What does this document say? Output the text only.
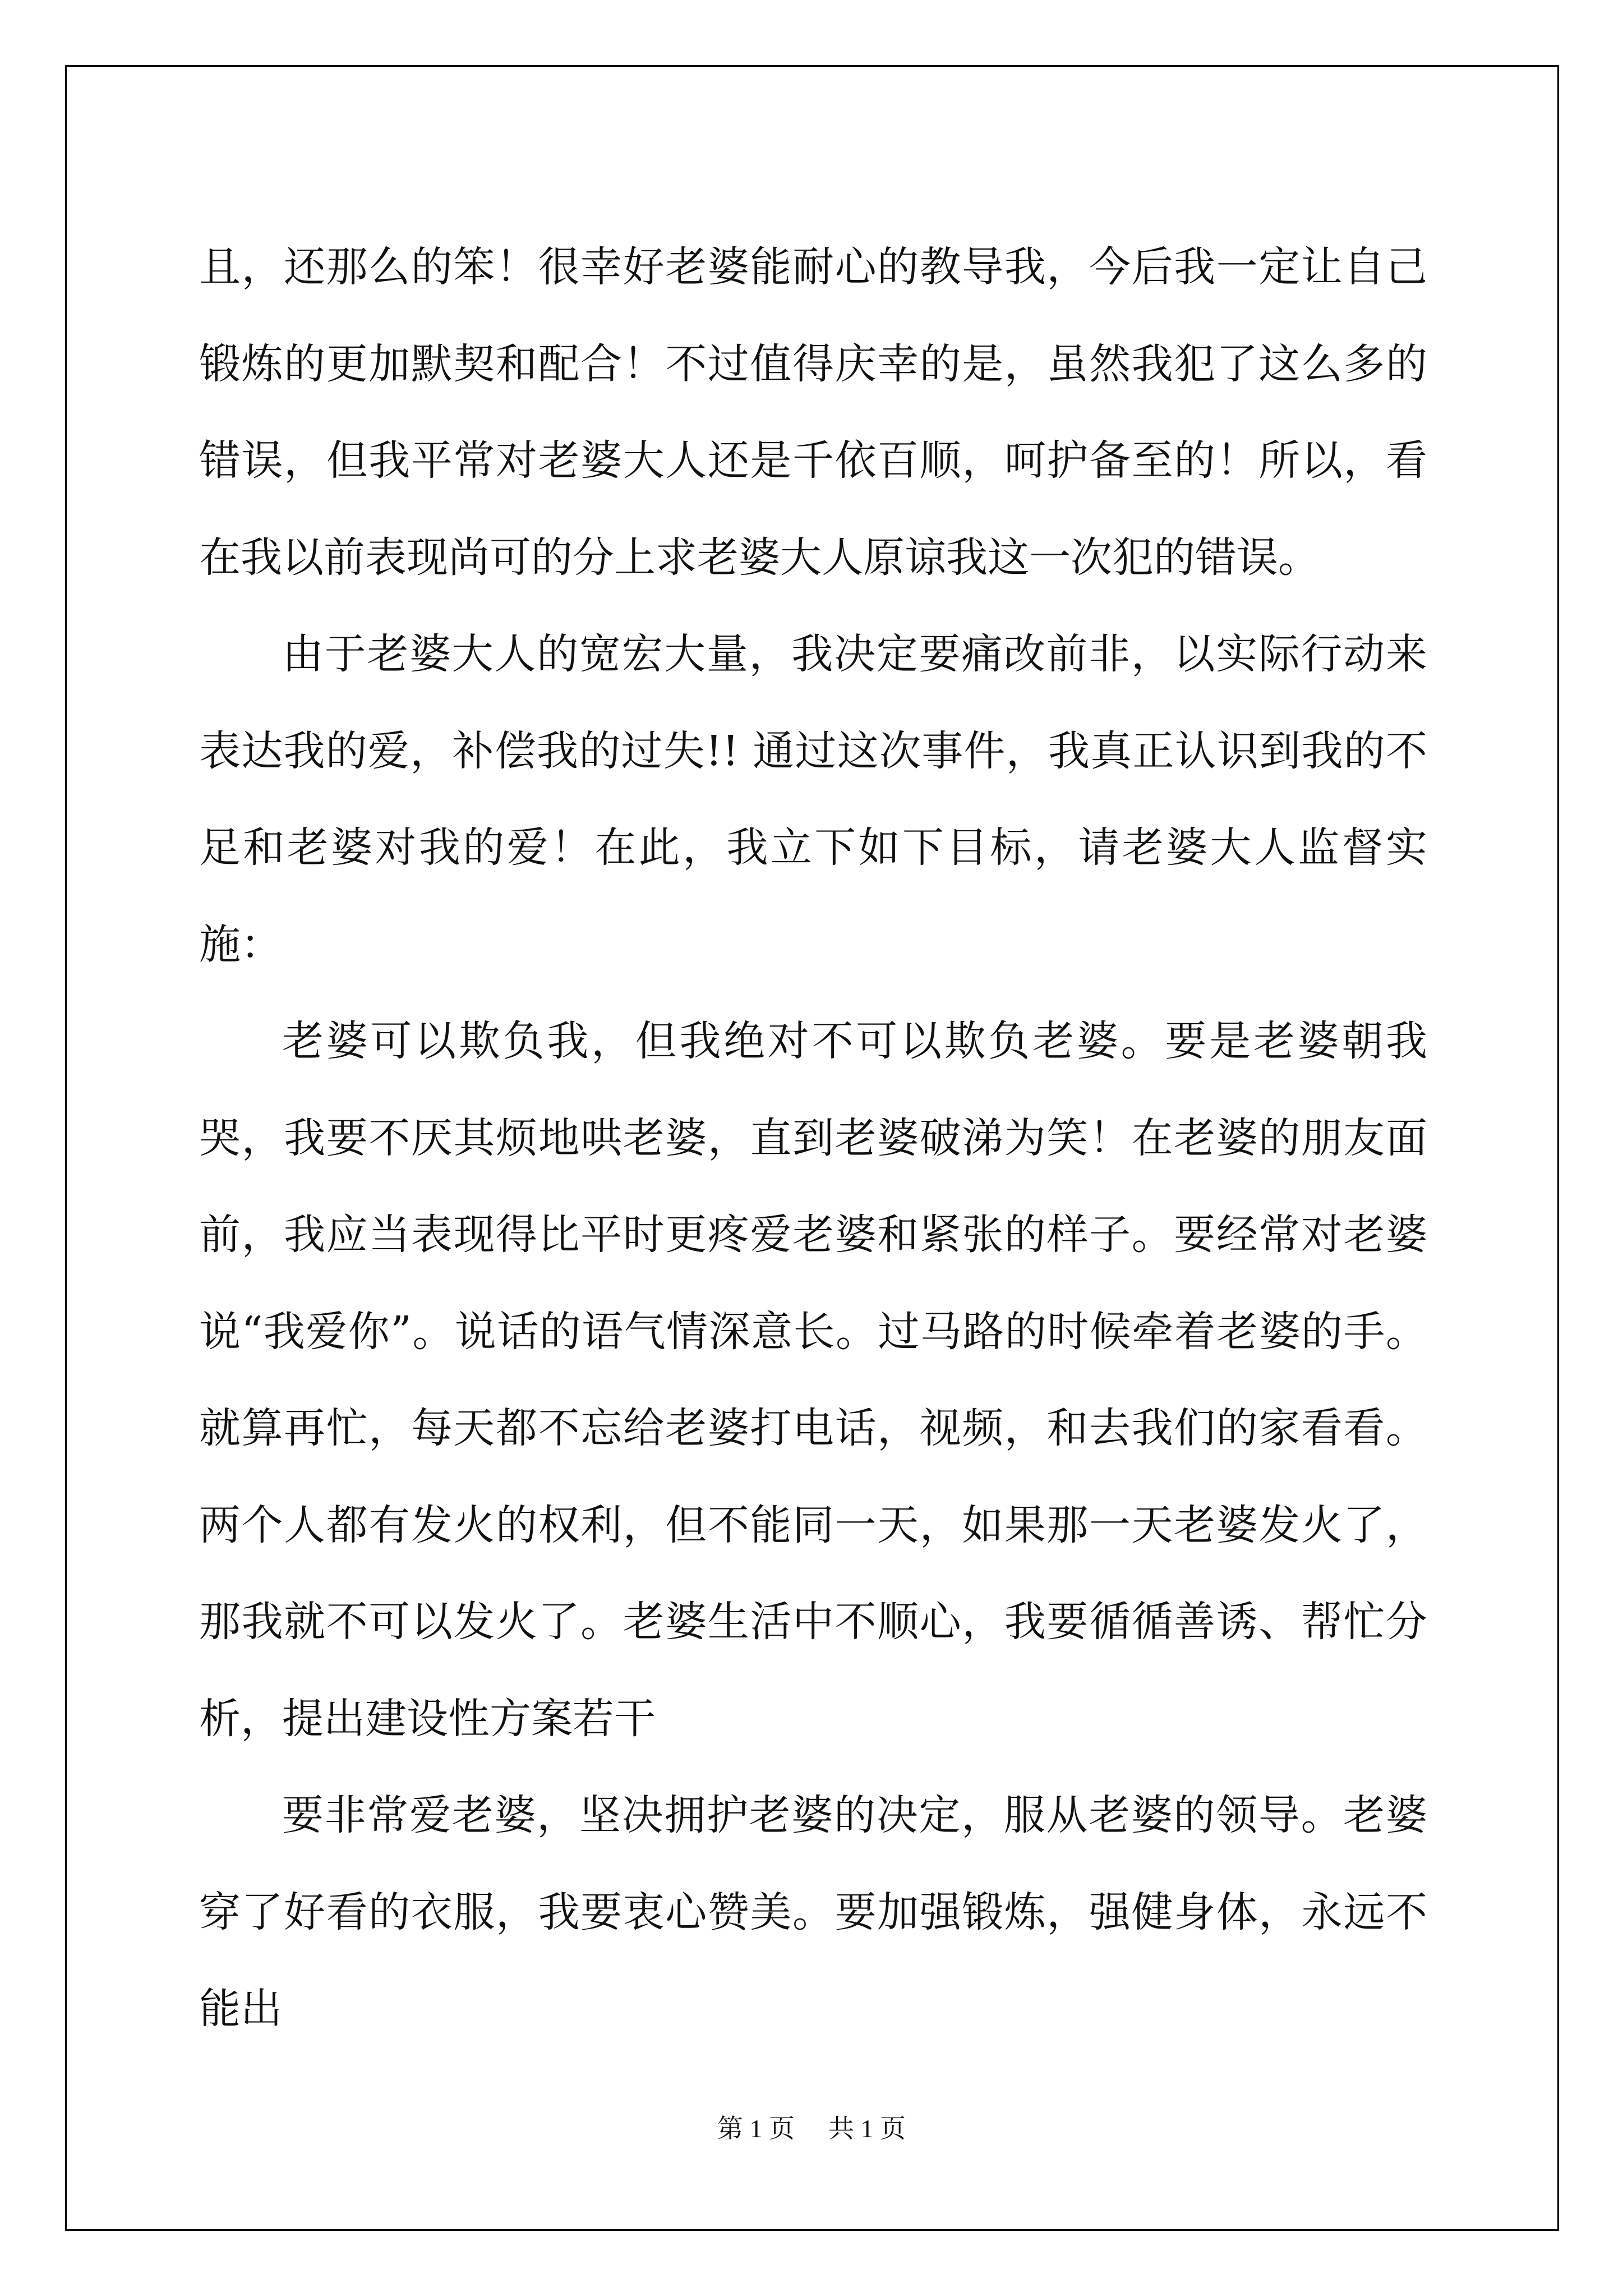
且，还那么的笨！很幸好老婆能耐心的教导我，今后我一定让自己锻炼的更加默契和配合！不过值得庆幸的是，虽然我犯了这么多的错误，但我平常对老婆大人还是千依百顺，呵护备至的！所以，看在我以前表现尚可的分上求老婆大人原谅我这一次犯的错误。

由于老婆大人的宽宏大量，我决定要痛改前非，以实际行动来表达我的爱，补偿我的过失!! 通过这次事件，我真正认识到我的不足和老婆对我的爱！在此，我立下如下目标，请老婆大人监督实施：

老婆可以欺负我，但我绝对不可以欺负老婆。要是老婆朝我哭，我要不厌其烦地哄老婆，直到老婆破涕为笑！在老婆的朋友面前，我应当表现得比平时更疼爱老婆和紧张的样子。要经常对老婆说“我爱你”。说话的语气情深意长。过马路的时候牵着老婆的手。就算再忙，每天都不忘给老婆打电话，视频，和去我们的家看看。两个人都有发火的权利，但不能同一天，如果那一天老婆发火了，那我就不可以发火了。老婆生活中不顺心，我要循循善诱、帮忙分析，提出建设性方案若干

要非常爱老婆，坚决拥护老婆的决定，服从老婆的领导。老婆穿了好看的衣服，我要衷心赞美。要加强锻炼，强健身体，永远不能出

第 1 页 共 1 页
